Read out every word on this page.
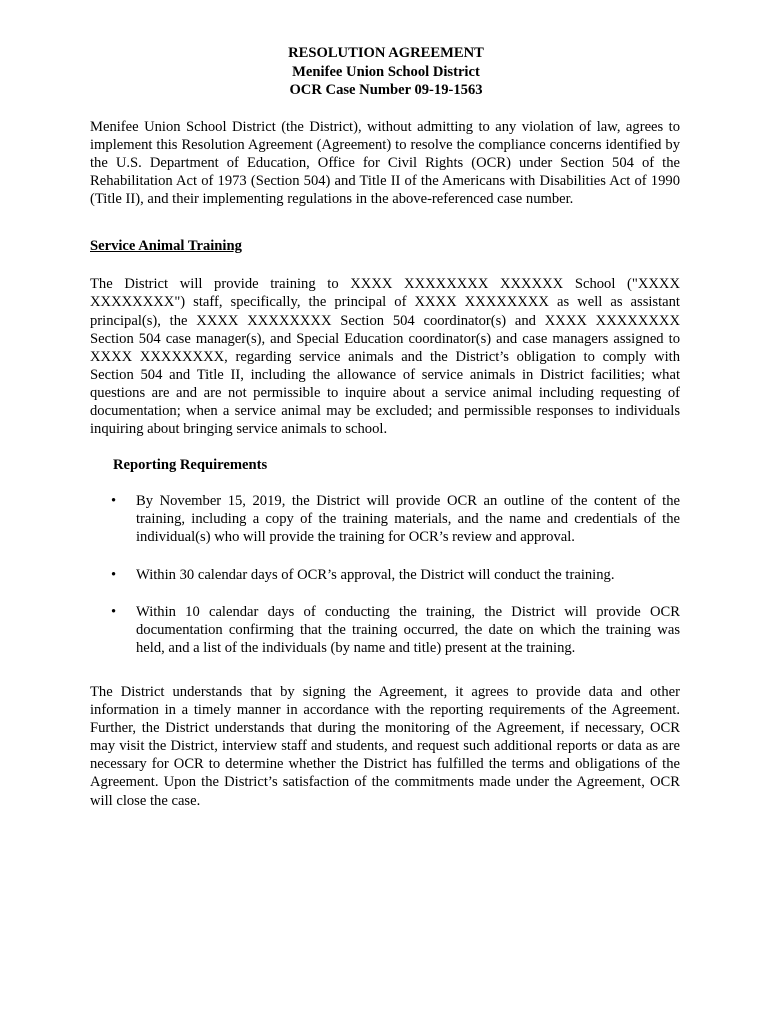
RESOLUTION AGREEMENT
Menifee Union School District
OCR Case Number 09-19-1563

Menifee Union School District (the District), without admitting to any violation of law, agrees to implement this Resolution Agreement (Agreement) to resolve the compliance concerns identified by the U.S. Department of Education, Office for Civil Rights (OCR) under Section 504 of the Rehabilitation Act of 1973 (Section 504) and Title II of the Americans with Disabilities Act of 1990 (Title II), and their implementing regulations in the above-referenced case number.

Service Animal Training

The District will provide training to XXXX XXXXXXXX XXXXXX School ("XXXX XXXXXXXX") staff, specifically, the principal of XXXX XXXXXXXX as well as assistant principal(s), the XXXX XXXXXXXX Section 504 coordinator(s) and XXXX XXXXXXXX Section 504 case manager(s), and Special Education coordinator(s) and case managers assigned to XXXX XXXXXXXX, regarding service animals and the District’s obligation to comply with Section 504 and Title II, including the allowance of service animals in District facilities; what questions are and are not permissible to inquire about a service animal including requesting of documentation; when a service animal may be excluded; and permissible responses to individuals inquiring about bringing service animals to school.

Reporting Requirements
• By November 15, 2019, the District will provide OCR an outline of the content of the training, including a copy of the training materials, and the name and credentials of the individual(s) who will provide the training for OCR’s review and approval.
• Within 30 calendar days of OCR’s approval, the District will conduct the training.
• Within 10 calendar days of conducting the training, the District will provide OCR documentation confirming that the training occurred, the date on which the training was held, and a list of the individuals (by name and title) present at the training.

The District understands that by signing the Agreement, it agrees to provide data and other information in a timely manner in accordance with the reporting requirements of the Agreement. Further, the District understands that during the monitoring of the Agreement, if necessary, OCR may visit the District, interview staff and students, and request such additional reports or data as are necessary for OCR to determine whether the District has fulfilled the terms and obligations of the Agreement. Upon the District’s satisfaction of the commitments made under the Agreement, OCR will close the case.
